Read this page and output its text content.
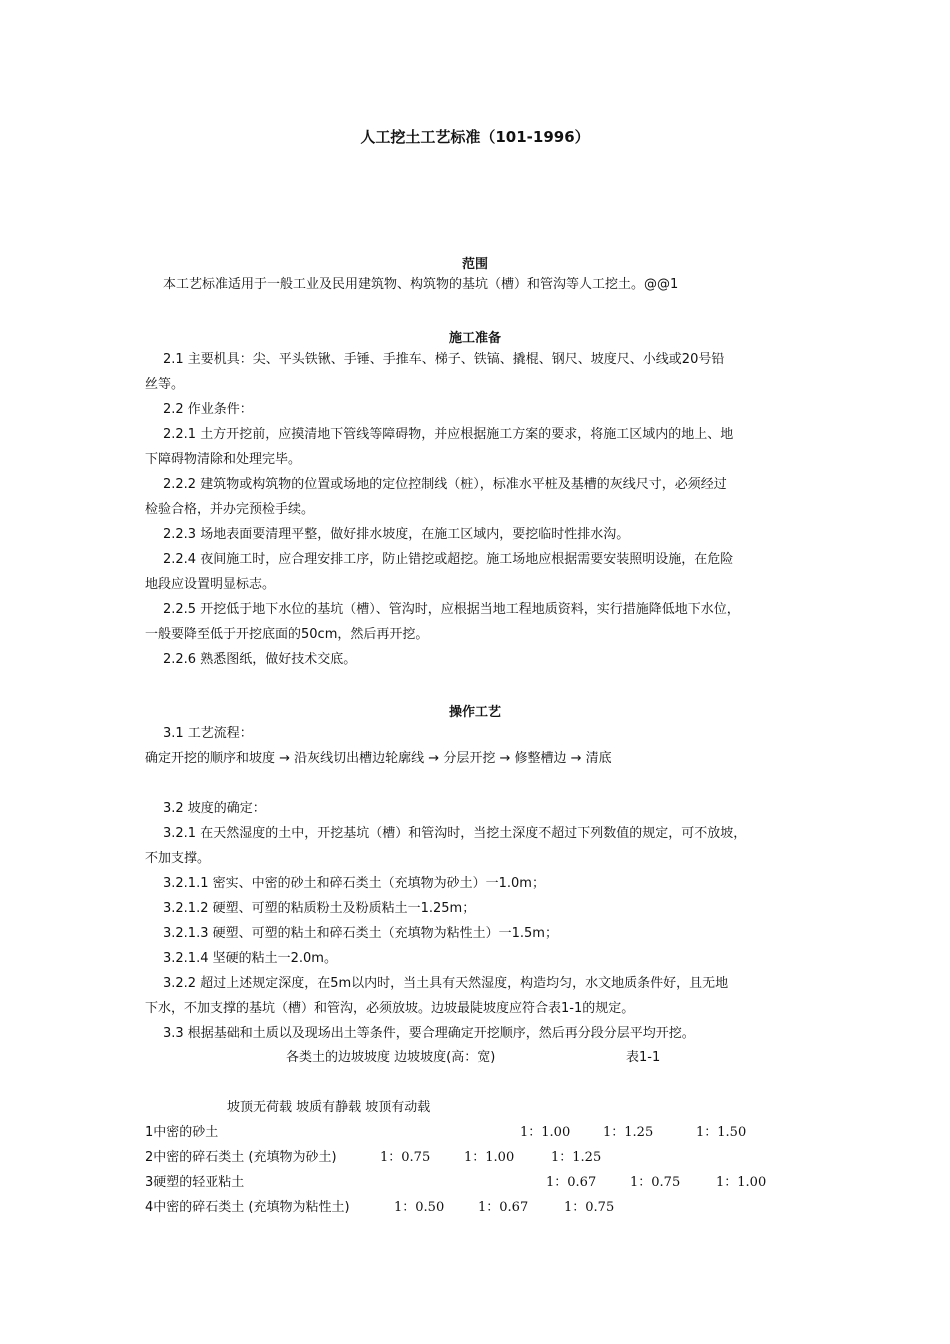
人工挖土工艺标准（101-1996）
范围
本工艺标准适用于一般工业及民用建筑物、构筑物的基坑（槽）和管沟等人工挖土。@@1
施工准备
2.1 主要机具：尖、平头铁锹、手锤、手推车、梯子、铁镐、撬棍、钢尺、坡度尺、小线或20号铅
丝等。
2.2 作业条件：
2.2.1 土方开挖前，应摸清地下管线等障碍物，并应根据施工方案的要求，将施工区域内的地上、地
下障碍物清除和处理完毕。
2.2.2 建筑物或构筑物的位置或场地的定位控制线（桩），标准水平桩及基槽的灰线尺寸，必须经过
检验合格，并办完预检手续。
2.2.3 场地表面要清理平整，做好排水坡度，在施工区域内，要挖临时性排水沟。
2.2.4 夜间施工时，应合理安排工序，防止错挖或超挖。施工场地应根据需要安装照明设施，在危险
地段应设置明显标志。
2.2.5 开挖低于地下水位的基坑（槽）、管沟时，应根据当地工程地质资料，实行措施降低地下水位，
一般要降至低于开挖底面的50cm，然后再开挖。
2.2.6 熟悉图纸，做好技术交底。
操作工艺
3.1 工艺流程：
确定开挖的顺序和坡度 → 沿灰线切出槽边轮廓线 → 分层开挖 → 修整槽边 → 清底
3.2 坡度的确定：
3.2.1 在天然湿度的土中，开挖基坑（槽）和管沟时，当挖土深度不超过下列数值的规定，可不放坡，
不加支撑。
3.2.1.1 密实、中密的砂土和碎石类土（充填物为砂土）一1.0m；
3.2.1.2 硬塑、可塑的粘质粉土及粉质粘土一1.25m；
3.2.1.3 硬塑、可塑的粘土和碎石类土（充填物为粘性土）一1.5m；
3.2.1.4 坚硬的粘土一2.0m。
3.2.2 超过上述规定深度，在5m以内时，当土具有天然湿度，构造均匀，水文地质条件好，且无地
下水，不加支撑的基坑（槽）和管沟，必须放坡。边坡最陡坡度应符合表1-1的规定。
3.3 根据基础和土质以及现场出土等条件，要合理确定开挖顺序，然后再分段分层平均开挖。
各类土的边坡坡度 边坡坡度(高：宽)	表1-1
坡顶无荷载 坡质有静载 坡顶有动载
1中密的砂土	1：1.00	1：1.25	1：1.50
2中密的碎石类土 (充填物为砂土)	1：0.75	1：1.00	1：1.25
3硬塑的轻亚粘土	1：0.67	1：0.75	1：1.00
4中密的碎石类土 (充填物为粘性土)	1：0.50	1：0.67	1：0.75
